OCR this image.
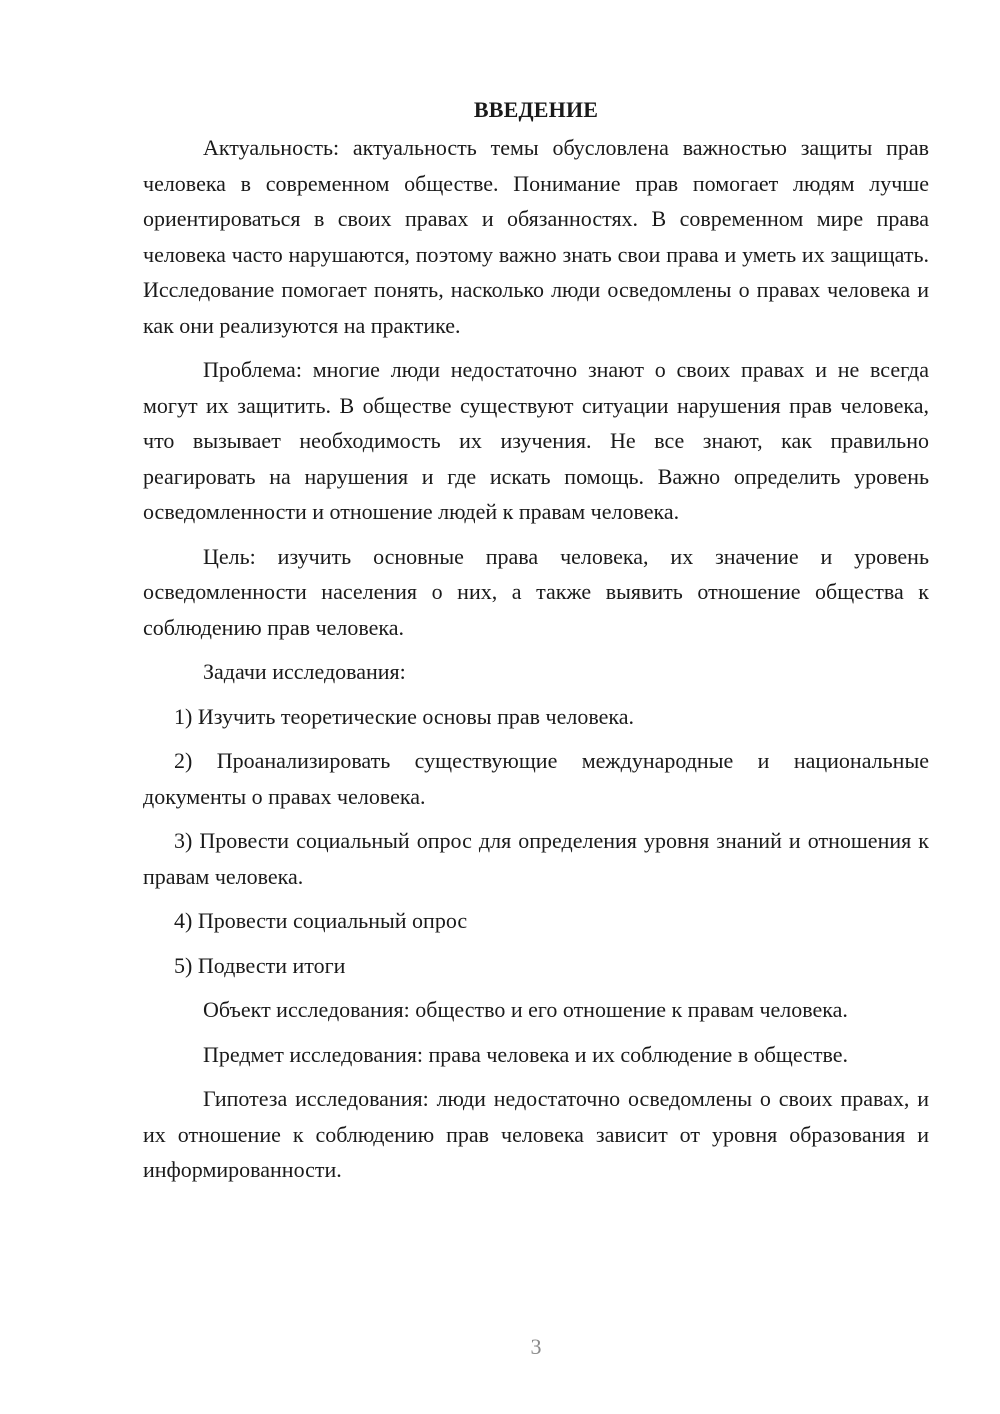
ВВЕДЕНИЕ

Актуальность: актуальность темы обусловлена важностью защиты прав человека в современном обществе. Понимание прав помогает людям лучше ориентироваться в своих правах и обязанностях. В современном мире права человека часто нарушаются, поэтому важно знать свои права и уметь их защищать. Исследование помогает понять, насколько люди осведомлены о правах человека и как они реализуются на практике.

Проблема: многие люди недостаточно знают о своих правах и не всегда могут их защитить. В обществе существуют ситуации нарушения прав человека, что вызывает необходимость их изучения. Не все знают, как правильно реагировать на нарушения и где искать помощь. Важно определить уровень осведомленности и отношение людей к правам человека.

Цель: изучить основные права человека, их значение и уровень осведомленности населения о них, а также выявить отношение общества к соблюдению прав человека.

Задачи исследования:

1) Изучить теоретические основы прав человека.

2) Проанализировать существующие международные и национальные документы о правах человека.

3) Провести социальный опрос для определения уровня знаний и отношения к правам человека.

4) Провести социальный опрос

5) Подвести итоги

Объект исследования: общество и его отношение к правам человека.

Предмет исследования: права человека и их соблюдение в обществе.

Гипотеза исследования: люди недостаточно осведомлены о своих правах, и их отношение к соблюдению прав человека зависит от уровня образования и информированности.

3
